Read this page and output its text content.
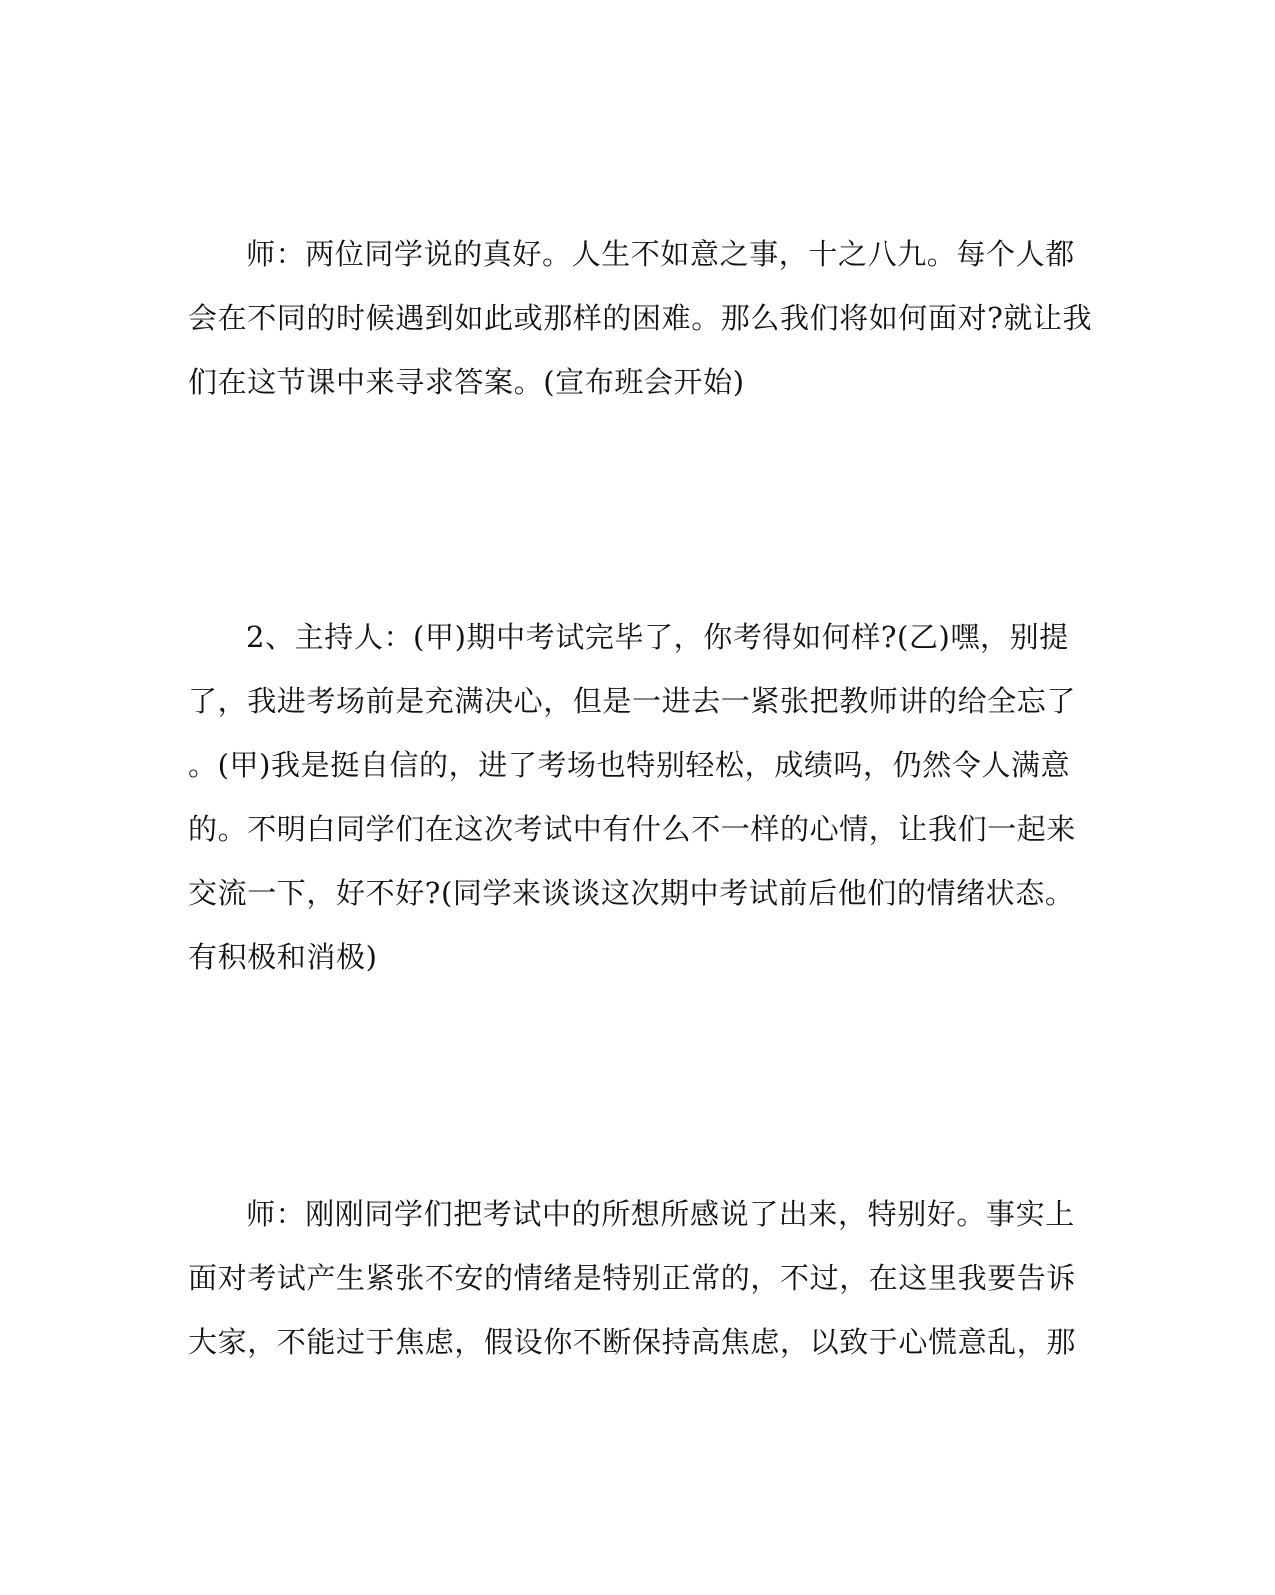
师：两位同学说的真好。人生不如意之事，十之八九。每个人都
会在不同的时候遇到如此或那样的困难。那么我们将如何面对?就让我
们在这节课中来寻求答案。(宣布班会开始)
2、主持人：(甲)期中考试完毕了，你考得如何样?(乙)嘿，别提
了，我进考场前是充满决心，但是一进去一紧张把教师讲的给全忘了
。(甲)我是挺自信的，进了考场也特别轻松，成绩吗，仍然令人满意
的。不明白同学们在这次考试中有什么不一样的心情，让我们一起来
交流一下，好不好?(同学来谈谈这次期中考试前后他们的情绪状态。
有积极和消极)
师：刚刚同学们把考试中的所想所感说了出来，特别好。事实上
面对考试产生紧张不安的情绪是特别正常的，不过，在这里我要告诉
大家，不能过于焦虑，假设你不断保持高焦虑，以致于心慌意乱，那
